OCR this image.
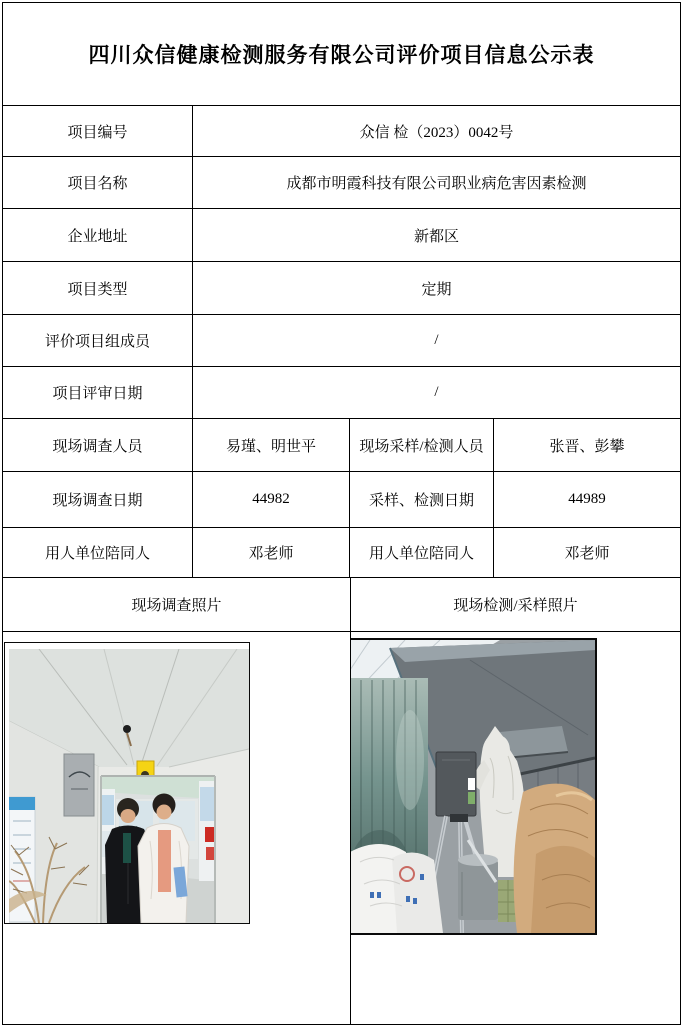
四川众信健康检测服务有限公司评价项目信息公示表
项目编号	众信 检（2023）0042号
项目名称	成都市明霞科技有限公司职业病危害因素检测
企业地址	新都区
项目类型	定期
评价项目组成员	/
项目评审日期	/
现场调查人员	易瑾、明世平	现场采样/检测人员	张晋、彭攀
现场调查日期	44982	采样、检测日期	44989
用人单位陪同人	邓老师	用人单位陪同人	邓老师
现场调查照片	现场检测/采样照片
